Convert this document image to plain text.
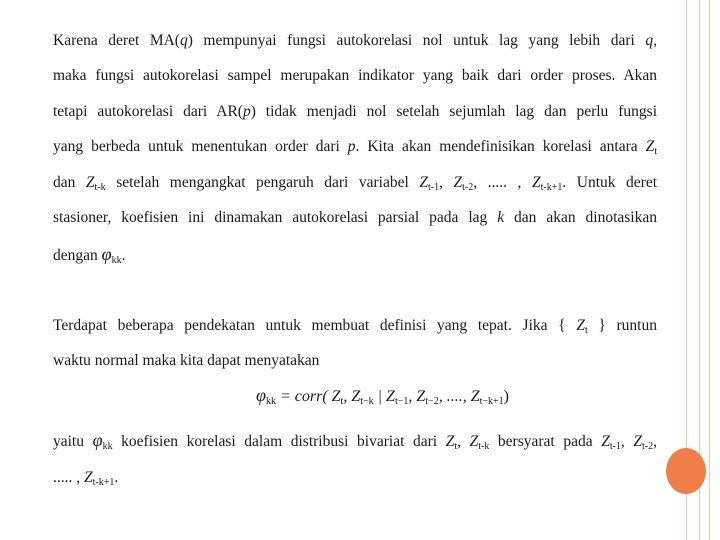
Karena deret MA(q) mempunyai fungsi autokorelasi nol untuk lag yang lebih dari q,
maka fungsi autokorelasi sampel merupakan indikator yang baik dari order proses. Akan
tetapi autokorelasi dari AR(p) tidak menjadi nol setelah sejumlah lag dan perlu fungsi
yang berbeda untuk menentukan order dari p. Kita akan mendefinisikan korelasi antara $Z_t$
dan $Z_{t-k}$ setelah mengangkat pengaruh dari variabel $Z_{t-1}$, $Z_{t-2}$, ..... , $Z_{t-k+1}$. Untuk deret
stasioner, koefisien ini dinamakan autokorelasi parsial pada lag k dan akan dinotasikan
dengan $\varphi_{kk}$.
Terdapat beberapa pendekatan untuk membuat definisi yang tepat. Jika { $Z_t$ } runtun
waktu normal maka kita dapat menyatakan
$\varphi_{kk}$ = corr( $Z_t$, $Z_{t-k}$ | $Z_{t-1}$, $Z_{t-2}$, ...., $Z_{t-k+1}$)
yaitu $\varphi_{kk}$ koefisien korelasi dalam distribusi bivariat dari $Z_t$, $Z_{t-k}$ bersyarat pada $Z_{t-1}$, $Z_{t-2}$,
..... , $Z_{t-k+1}$.
